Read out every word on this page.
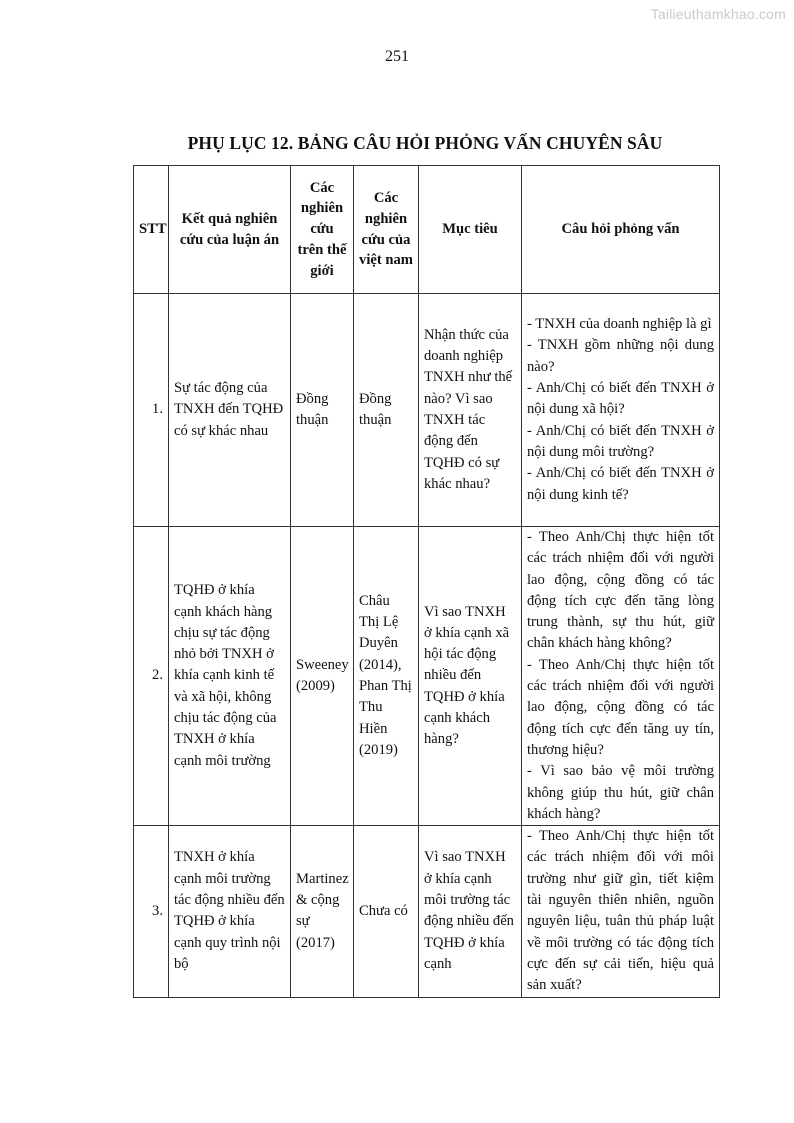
Tailieuthamkhao.com
251
PHỤ LỤC 12. BẢNG CÂU HỎI PHỎNG VẤN CHUYÊN SÂU
STT	Kết quả nghiên cứu của luận án	Các nghiên cứu trên thế giới	Các nghiên cứu của việt nam	Mục tiêu	Câu hỏi phỏng vấn
1.	Sự tác động của TNXH đến TQHĐ có sự khác nhau	Đồng thuận	Đồng thuận	Nhận thức của doanh nghiệp TNXH như thế nào? Vì sao TNXH tác động đến TQHĐ có sự khác nhau?	- TNXH của doanh nghiệp là gì
- TNXH gồm những nội dung nào?
- Anh/Chị có biết đến TNXH ở nội dung xã hội?
- Anh/Chị có biết đến TNXH ở nội dung môi trường?
- Anh/Chị có biết đến TNXH ở nội dung kinh tế?

2.	TQHĐ ở khía cạnh khách hàng chịu sự tác động nhỏ bởi TNXH ở khía cạnh kinh tế và xã hội, không chịu tác động của TNXH ở khía cạnh môi trường	Sweeney (2009)	Châu Thị Lệ Duyên (2014), Phan Thị Thu Hiền (2019)	Vì sao TNXH ở khía cạnh xã hội tác động nhiều đến TQHĐ ở khía cạnh khách hàng?	- Theo Anh/Chị thực hiện tốt các trách nhiệm đối với người lao động, cộng đồng có tác động tích cực đến tăng lòng trung thành, sự thu hút, giữ chân khách hàng không?
- Theo Anh/Chị thực hiện tốt các trách nhiệm đối với người lao động, cộng đồng có tác động tích cực đến tăng uy tín, thương hiệu?
- Vì sao bảo vệ môi trường không giúp thu hút, giữ chân khách hàng?

3.	TNXH ở khía cạnh môi trường tác động nhiều đến TQHĐ ở khía cạnh quy trình nội bộ	Martinez & cộng sự (2017)	Chưa có	Vì sao TNXH ở khía cạnh môi trường tác động nhiều đến TQHĐ ở khía cạnh	- Theo Anh/Chị thực hiện tốt các trách nhiệm đối với môi trường như giữ gìn, tiết kiệm tài nguyên thiên nhiên, nguồn nguyên liệu, tuân thủ pháp luật về môi trường có tác động tích cực đến sự cải tiến, hiệu quả sản xuất?
